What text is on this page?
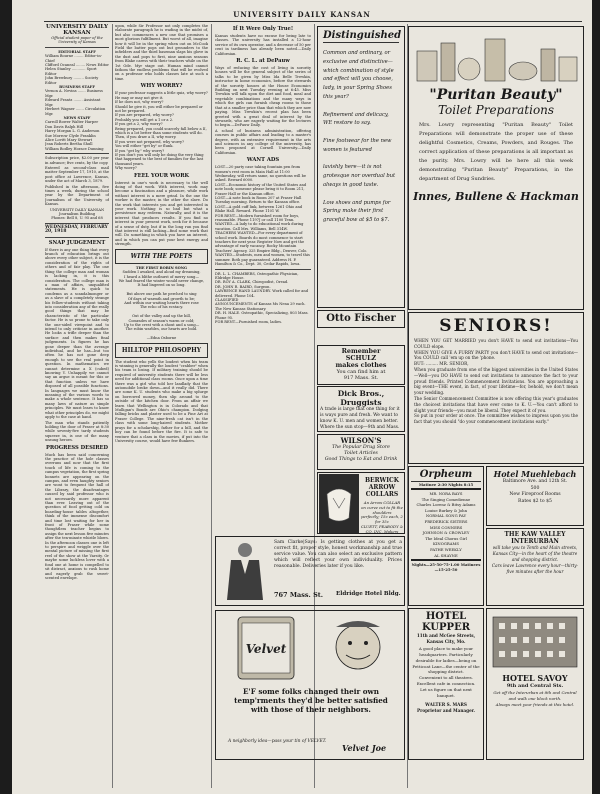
UNIVERSITY DAILY KANSAN
UNIVERSITY DAILY KANSAN
Official student paper of the University of Kansas
EDITORIAL STAFF
William Bourne ........ Editor-in-Chief
Clifford Ocaneal ........ News Editor
Helen Stanley ............ Sport Editor
John Brewbury ......... Society Editor
BUSINESS STAFF
Vernon A. Nevins ....... Business Mgr.
Edward Frantz ........ Assistant Mgr.
Herbert Wagner ....... Circulation Mgr.
NEWS STAFF
Carroll Bower Walter Harper
Don Davis Ralph Hill
Harry Morgan L. G. Anderson
Sue Morrow Clyde Franklin
Alice Lovitt Mary Stewart
Jean Roberts Bertha Shull
William Bodley Horace Dunning

Subscription price, $2.00 per year in advance; five cents, by the copy.

Entered as second-class mail matter September 17, 1910, at the post office at Lawrence, Kansas, under the act of March 3, 1879.

Published in the afternoon, five times a week, during the school year by the Department of Journalism of the University of Kansas.

UNIVERSITY DAILY KANSAN
Journalism Building
Phones: Bell 8, U. 95 and 68
WEDNESDAY, FEBRUARY 20, 1918
SNAP JUDGEMENT

If there is any one thing that every branch of education brings out above every other subject, it is the consideration of the rights of others and of fair play. The one thing the college man and woman is lacking in, it is this consideration. The college man is a man of affairs, unqualified statements. He is quick to condemn as a scandalmonger or as a slave of a completely strange his fellow-students without taking into consideration any of the really good things that may be characteristic of the particular factor. He is so prone to take only the one-sided viewpoint and to intend to only criticize in another. He looks a trifle deeper than the surface and then makes final judgements. In figures he has gone deeper than the average individual, and he has—but too often he has not gone deep enough to see the real point in question. In mathematics we cannot determine a X (cubed) knowing Y. Unhappily we cannot say an argue is meant for this or that function unless we have disposed of all possible functions. In languages we must know the meaning of the various words to make a whole sentence. It has so many laws of nature as simple principles. We must learn to know what other principles do, we might apply to the case at hand.

The man who stands patiently holding the door of Fraser at 8:30 while seventy-five tardy students squeeze in, is one of the many unsung heroes.

PROGRESS DESIRED

Much has been said concerning the practice of the hole classes overruns and now that the first touch of life is coming to the campus vegetation, the first spring bonnets are appearing on the campus, and even haughty seniors are wont to frequent the hall of the Library, the disadvantages caused by said professor who is not necessarily more apparent than ever. Leaving out of the question of food getting cold on boarding-house tables altogether, think of the immense discomfort and time lost waiting for her in front of Fraser while some thoughtless teacher begins to assign the next lesson five minutes after the ten-minute whistle blows. In the afternoon classes one is left to perspire and wriggle over the mental picture of missing the first reel of the show at the Varsity. Or maybe some luckless lover with a fond one at home is compelled to sit distract, anxious to rush home and eagerly grab the sweet-scented envelope.

upon, while Sir Professor not only completes the elaborate paragraph he is wading in the midst of, but also commences a new one that promises a most glorious fulfillment. But worst of all, imagine how it will be in the spring when out on McCook Field the batter pops out but grounders to the infielders and the third baseman slaps his glove in the dust and pops to first, nine anxious seasons from Blake caress with their teachers while on the 1st Ode. Myr stage out. Human mind cannot fathom the endless problems that will be evolved on a professor who holds classes late at such a time.

WHY WORRY?
If your professor suggests a little quiz, why worry?
He may or may not give it.
If he does not, why worry?
Should he give it, you will either be prepared or not be prepared.
If you are prepared, why worry?
Probably you will get a 1 or a 2.
If you get a 2, why worry?
Being prepared, you could scarcely fall below a II, which is a lot better than some students will do.
Then, if you draw a II, why worry.
If you were not prepared, why worry?
You will either "get by" or flunk.
If you "get by," why worry?
If you don't you will only be doing the very thing that happened to the best of families for the last thousand years.
Why worry?
FEEL YOUR WORK

Interest in one's work is necessary to the well doing of that work. With interest, work may become a fascination and a pleasure, while work without interest is a mere grind. In the one the worker is the master, in the other the slave. Do the work that interests you and get interested in your work. Nothing is so bad but what a persistence may redeem. Naturally, and it is the interest that produces results. If you find no interest in your present work, seek for it because of a sense of duty, but if in the long run you find that interest is still lacking—find some work that will. Do something in which you have an interest, and in which you can put your best energy and strength.

WITH THE POETS
THE FIRST ROBIN SONG
Sudden I awaked, and aloud my dreaming,
I heard a blithe outburst of merry song—
We had feared the winter would never change,
It had lingered on so long.

But above our path he perched to sing
Of days of warmth and growth to be;
And within our waiting hearts there rose
The echo of his ecstacy.

Out of the valley and up the hill,
Comrades of season's warm or cold;
Up to the crest with a shout and a song—
The robin warbles, our hearts are bold.

—Edna Osborne
HILLTOP PHILOSOPHY

The student who yells the loudest when his team is winning is generally the loudest "crabber" when his team is losing. If military training should be required of university students there will be less need for additional class rooms. Once upon a time there was a girl who told her landlady that the automobile broke down—and it really did. There are some K. U. students who make a big splurge on borrowed money, then slip around to the outside of the kitchen door. From an affair we learn that Wellington is in Colorado and that Mulligan's Bonds are Ohio's champion. Dodging falling bricks and plaster used to be a Fine Art at Fraser College. The nine-fresh cat isn't in the class with some long-haired students. Mother prays for a scholarship, father for a bill, and the boy can be found before the fire. It is safe to venture that a class in the movies, if put into the University course, would have few flunkers.

If It Were Only True!

Kansas students have no excuse for being late to classes. The university has installed a 12-hour service of its own operator, and a decrease of 50 per cent in tardiness has already been noted.—Daily Californian.

R. C. L. at DePauw

Ways of reducing the cost of living in sorority houses will be the general subject of the series of talks to be given by Miss Ida Belle Trewkin, instructor in home economics, before the stewards of the sorority houses at the House Economics Building on next Tuesday evening at 6:45. Miss Trewkin will talk upon the diet and food, meal and vegetable combinations and the many ways in which the girls can furnish cheap rooms to those that at a smaller price than that which they are now paying. Miss Trewkin's recent plan has been greeted with a great deal of interest by the stewards, who are eagerly waiting for the lectures to begin.—DePauw Daily.

A school of business administration, offering courses in public affairs and leading to a master's degree, with an extensive requirement in the arts and sciences in any college of the university, has been proposed at Cornell University.—Daily Californian.

WANT ADS
LOST—20 party case taking fountain pen from women's rest room in Main Hall at 11:00 Wednesday, will return same, no questions will be asked. Reward 6000.
LOST—Economic history of the United States and note book; someone please bring it to Room 211, Fraser Hall or the Kansan office.
LOST—A note book in Room 207 at Fraser Hall Tuesday morning. Return to the Kansan office.
LOST—A gold cuff link, between 1261 Ohio and Blake Hall. Reward. Phone 1101 W.
FOR RENT—Modern furnished room for boys, reasonable. Phone 1197J or call 1100 Tenn.
WANTED—A lady to do educational work during vacation. Call Mrs. Williams, Bell 314W.
TEACHERS WANTED—For every department of school work. Boards do most commence to start teachers for next year. Register Now and get the advantage of early vacancy. Rocky Mountain Teachers' Agency, 325 Empire Bldg., Denver, Colo.
WANTED—Students, men and women, to travel this summer. Both pay guaranteed. Address H. P. Hamilton & Co., Dept. 30, Cedar Rapids, Iowa.
DR. L. L. CHAMBERS, Osteopathic Physician, Eldridge House.
DR. ROY A. CLARK, Chiropodist, Oread.
DR. JOHN R. BAIRD, Surgeon.
LAWRENCE HAND LAUNDRY. Work called for and delivered. Phone 104.
CLASSIFIED
ANNOUNCEMENTS of Kansas Ms Nena 29 each. The New Kansas Stationary.
DR. H. HALE. Osteopathic, Specializing, 803 Mass. Phone 95.
FOR RENT—Furnished room, ladies.
Distinguished
Common and ordinary, or exclusive and distinctive—which combination of style and effect will you choose, lady, in your Spring Shoes this year?

Refinement and delicacy, WE restore to say.

Fine footwear for the new women is featured

lavishly here—it is not grotesque nor overdual but always in good taste.

Low shoes and pumps for Spring make their first graceful bow at $5 to $7.
"Puritan Beauty"
Toilet Preparations

Mrs. Lowry representing "Puritan Beauty" Toilet Preparations will demonstrate the proper use of these delightful Cosmetics, Creams, Powders, and Rouges. The correct application of these preparations is all important as the purity. Mrs. Lowry will be here all this week demonstrating "Puritan Beauty" Preparations, in the department of Drug Sundries.

Innes, Bullene & Hackman
Otto Fischer
Remember
SCHULZ
makes clothes
You can find him at
917 Mass. St.
Dick Bros., Druggists

A trade is large that one thing for it is ways pure and fresh. We want to know K. U. men and women better. Where the sun stop—9th and Mass.

WILSON'S
The Popular Drug Store
Toilet Articles
Good Things to Eat and Drink
BERWICK
ARROW
COLLARS
An Arrow COLLAR
on curve cut to fit the shoulders
perfectly; 15c each, 2 for 35c
CLUETT, PEABODY & CO. INC. Makers

Sam Clarke|Says: Is getting clothes at you get a correct fit, proper style, honest workmanship and true service value. You can also select an exclusive pattern which will reflect your own individuality. Prices reasonable. Deliveries later if you like.

767 Mass. St. Eldridge Hotel Bldg.
Velvet
E'F some folks changed their own temp'rments they'd be better satisfied with those of their neighbors.
A neighborly idea—pass your tin of VELVET.
Velvet Joe
SENIORS!
WHEN YOU GET MARRIED you don't HAVE to send out invitations—You COULD elope.
WHEN YOU GIVE A FURRY PARTY you don't HAVE to send out invitations—You COULD call 'em up on the 'phone.
BUT: ......... MR. SENIOR,
When you graduate from one of the biggest universities in the United States—Well—you DO HAVE to send out invitations to announce the fact to your proud friends. Printed Commencement Invitations. You are approaching a big event—THE event, in fact, of your lifetime—for, behold, we don't mean your wedding.
The Senior Commencement Committee is now offering this year's graduates the choicest invitations that have ever come to K. U.—You can't afford to slight your friends—you must be liberal. They expect it of you.
So put in your order at once. The committee wishes to impress upon you the fact that you should "do your commencement invitations early."
Orpheum
Matinee 2:30 Nights 8:15
MR. NORA BAYS
The Singing Comedienne
Charles Lorenz & Bitsy Adams
Louise Burkey & John
NORMAL SONG PAY
FREDERICK SISTERS
MISS CONNERS
JOHNSON & CROWLEY
The Ideal Chorus Girl
KINOGRAMS
PATHE WEEKLY
AL SHAYNE
Nights—25-50-75-1.00 Matinees—15-25-50
Hotel Muehlebach
Baltimore Ave. and 12th St.
500
New Fireproof Rooms
Rates $2 to $5
THE KAW VALLEY
INTERURBAN
will take you to Tenth and Main streets, Kansas City—in the heart of the theatre and shopping district.
Cars leave Lawrence every hour—thirty-five minutes after the hour
HOTEL
KUPPER
11th and McGee Streets,
Kansas City, Mo.
A good place to make your headquarters. Particularly desirable for ladies—being on Petticoat Lane—the center of the shopping district.
Convenient to all theatres.
Excellent cafe in connection.
Let us figure on that next banquet.
WALTER S. MARS
Proprietor and Manager.
HOTEL SAVOY
9th and Central Sts.
Get off the Interurban at 8th and Central and walk one block north.
Always meet your friends at this hotel.
